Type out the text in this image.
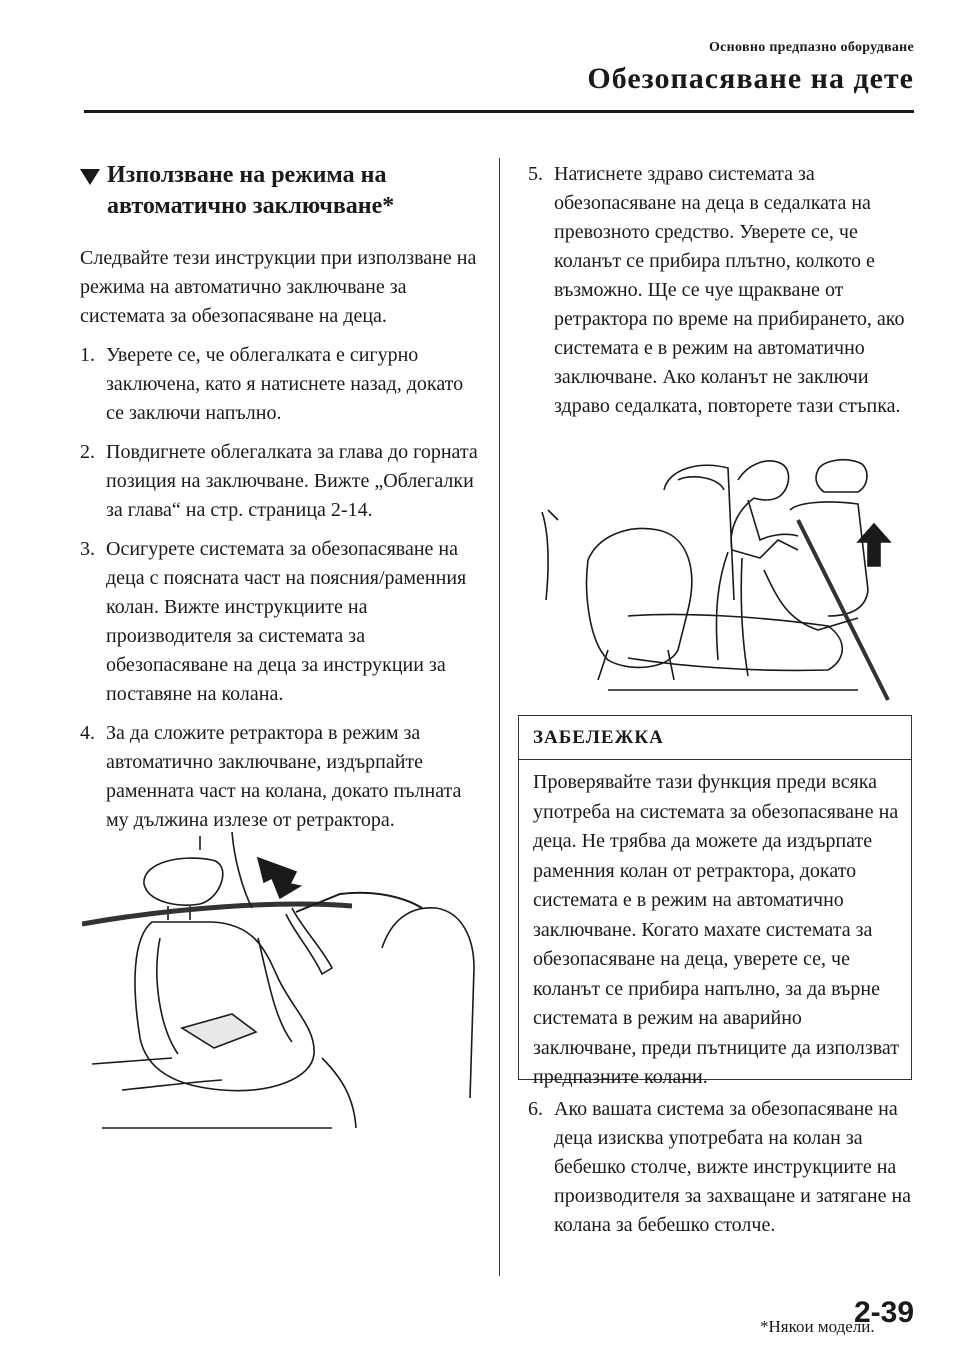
Основно предпазно оборудване
Обезопасяване на дете
Използване на режима на автоматично заключване*

Следвайте тези инструкции при използване на режима на автоматично заключване за системата за обезопасяване на деца.

1. Уверете се, че облегалката е сигурно заключена, като я натиснете назад, докато се заключи напълно.
2. Повдигнете облегалката за глава до горната позиция на заключване. Вижте „Облегалки за глава“ на стр. страница 2-14.
3. Осигурете системата за обезопасяване на деца с поясната част на поясния/раменния колан. Вижте инструкциите на производителя за системата за обезопасяване на деца за инструкции за поставяне на колана.
4. За да сложите ретрактора в режим за автоматично заключване, издърпайте раменната част на колана, докато пълната му дължина излезе от ретрактора.
5. Натиснете здраво системата за обезопасяване на деца в седалката на превозното средство. Уверете се, че коланът се прибира плътно, колкото е възможно. Ще се чуе щракване от ретрактора по време на прибирането, ако системата е в режим на автоматично заключване. Ако коланът не заключи здраво седалката, повторете тази стъпка.
ЗАБЕЛЕЖКА
Проверявайте тази функция преди всяка употреба на системата за обезопасяване на деца. Не трябва да можете да издърпате раменния колан от ретрактора, докато системата е в режим на автоматично заключване. Когато махате системата за обезопасяване на деца, уверете се, че коланът се прибира напълно, за да върне системата в режим на аварийно заключване, преди пътниците да използват предпазните колани.
6. Ако вашата система за обезопасяване на деца изисква употребата на колан за бебешко столче, вижте инструкциите на производителя за захващане и затягане на колана за бебешко столче.
*Някои модели.
2-39
